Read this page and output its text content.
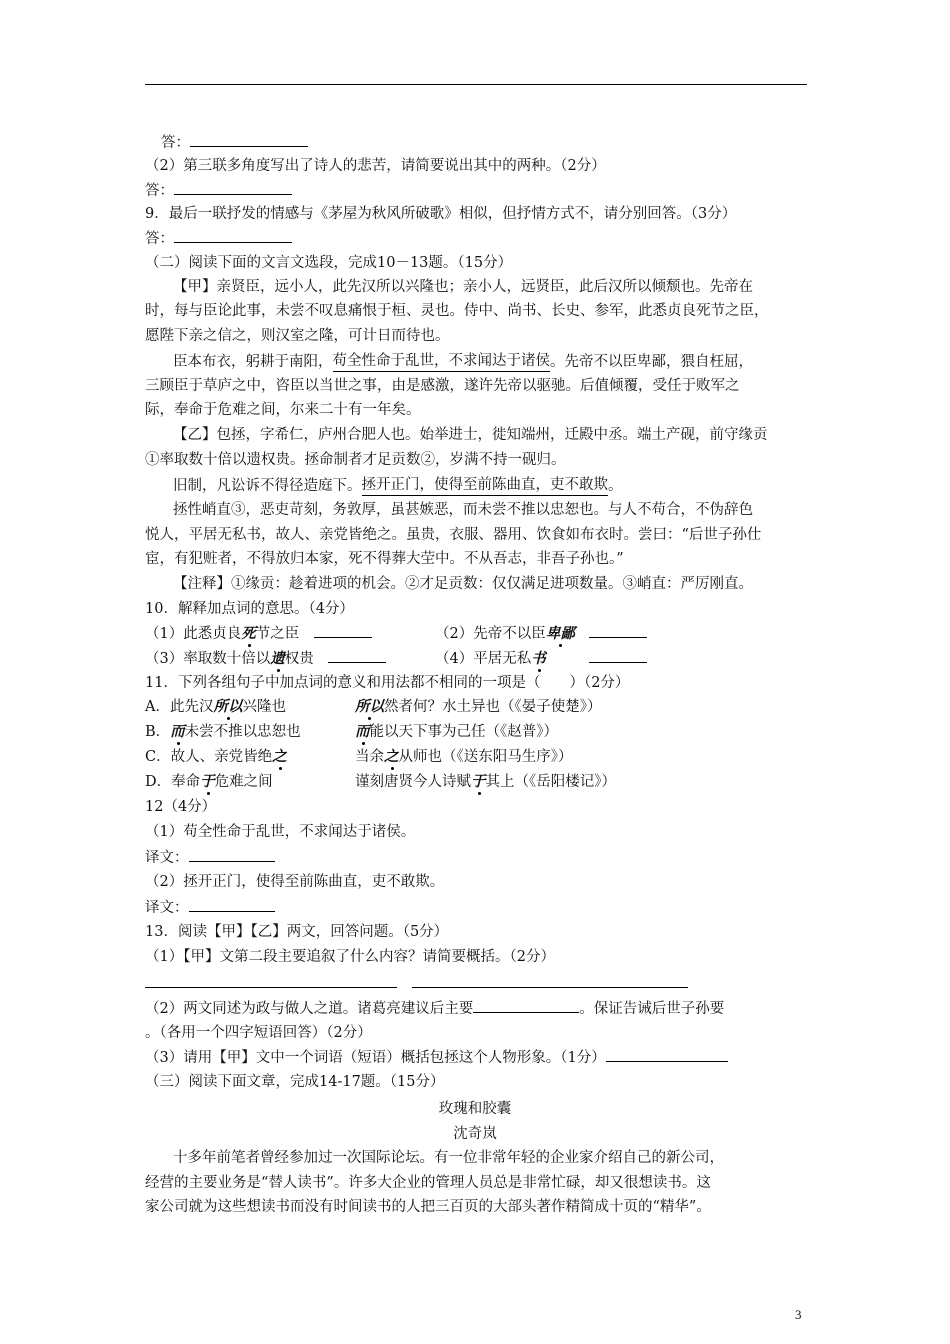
答：
（2）第三联多角度写出了诗人的悲苦，请简要说出其中的两种。（2分）
答：
9．最后一联抒发的情感与《茅屋为秋风所破歌》相似，但抒情方式不，请分别回答。（3分）
答：
（二）阅读下面的文言文选段，完成10－13题。（15分）
【甲】亲贤臣，远小人，此先汉所以兴隆也；亲小人，远贤臣，此后汉所以倾颓也。先帝在
时，每与臣论此事，未尝不叹息痛恨于桓、灵也。侍中、尚书、长史、参军，此悉贞良死节之臣，
愿陛下亲之信之，则汉室之隆，可计日而待也。
臣本布衣，躬耕于南阳，苟全性命于乱世，不求闻达于诸侯。先帝不以臣卑鄙，猥自枉屈，
三顾臣于草庐之中，咨臣以当世之事，由是感激，遂许先帝以驱驰。后值倾覆，受任于败军之
际，奉命于危难之间，尔来二十有一年矣。
【乙】包拯，字希仁，庐州合肥人也。始举进士，徙知端州，迁殿中丞。端土产砚，前守缘贡
①率取数十倍以遗权贵。拯命制者才足贡数②，岁满不持一砚归。
旧制，凡讼诉不得径造庭下。拯开正门，使得至前陈曲直，吏不敢欺。
拯性峭直③，恶吏苛刻，务敦厚，虽甚嫉恶，而未尝不推以忠恕也。与人不苟合，不伪辞色
悦人，平居无私书，故人、亲党皆绝之。虽贵，衣服、器用、饮食如布衣时。尝曰：“后世子孙仕
宦，有犯赃者，不得放归本家，死不得葬大茔中。不从吾志，非吾子孙也。”
【注释】①缘贡：趁着进项的机会。②才足贡数：仅仅满足进项数量。③峭直：严厉刚直。
10．解释加点词的意思。（4分）
（1）此悉贞良死节之臣　	（2）先帝不以臣卑鄙　
（3）率取数十倍以遗权贵　	（4）平居无私书　　　
11．下列各组句子中加点词的意义和用法都不相同的一项是（　　）（2分）
A．此先汉所以兴隆也	所以然者何？水土异也（《晏子使楚》）
B．而未尝不推以忠恕也	而能以天下事为己任（《赵普》）
C．故人、亲党皆绝之	当余之从师也（《送东阳马生序》）
D．奉命于危难之间	谨刻唐贤今人诗赋于其上（《岳阳楼记》）
12（4分）
（1）苟全性命于乱世，不求闻达于诸侯。
译文：
（2）拯开正门，使得至前陈曲直，吏不敢欺。
译文：
13．阅读【甲】【乙】两文，回答问题。（5分）
（1）【甲】文第二段主要追叙了什么内容？请简要概括。（2分）
（2）两文同述为政与做人之道。诸葛亮建议后主要	。保证告诫后世子孙要
。（各用一个四字短语回答）（2分）
（3）请用【甲】文中一个词语（短语）概括包拯这个人物形象。（1分）
（三）阅读下面文章，完成14-17题。（15分）
玫瑰和胶囊
沈奇岚
十多年前笔者曾经参加过一次国际论坛。有一位非常年轻的企业家介绍自己的新公司，
经营的主要业务是“替人读书”。许多大企业的管理人员总是非常忙碌，却又很想读书。这
家公司就为这些想读书而没有时间读书的人把三百页的大部头著作精简成十页的“精华”。
3
